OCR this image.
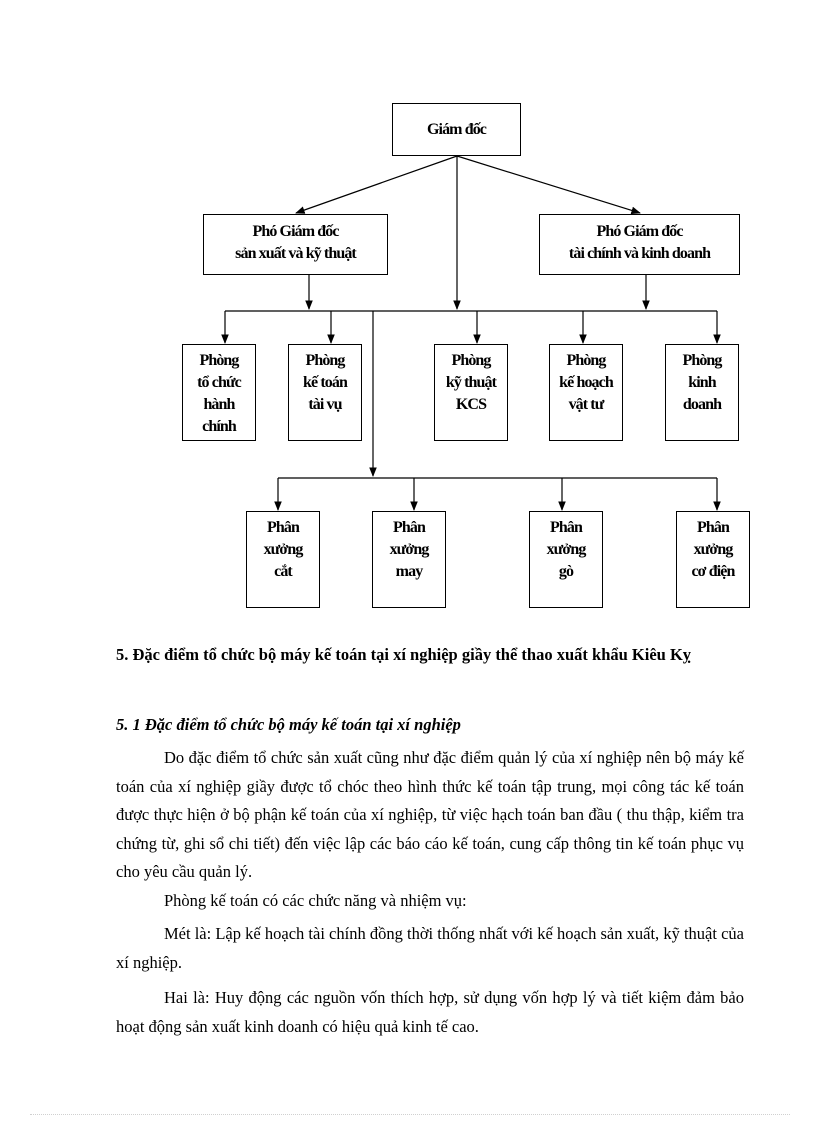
Giám đốc
Phó Giám đốc
sản xuất và kỹ thuật
Phó Giám đốc
tài chính và kinh doanh
Phòng
tổ chức
hành
chính
Phòng
kế toán
tài vụ
Phòng
kỹ thuật
KCS
Phòng
kế hoạch
vật tư
Phòng
kinh
doanh
Phân
xưởng
cắt
Phân
xưởng
may
Phân
xưởng
gò
Phân
xưởng
cơ điện
5. Đặc điểm tổ chức bộ máy kế toán tại xí nghiệp giầy thể thao xuất khẩu Kiêu Kỵ
5. 1 Đặc điểm tổ chức bộ máy kế toán tại xí nghiệp

Do đặc điểm tổ chức sản xuất cũng như đặc điểm quản lý của xí nghiệp nên bộ máy kế toán của xí nghiệp giầy được tổ chóc theo hình thức kế toán tập trung, mọi công tác kế toán được thực hiện ở bộ phận kế toán của xí nghiệp, từ việc hạch toán ban đầu ( thu thập, kiểm tra chứng từ, ghi sổ chi tiết) đến việc lập các báo cáo kế toán, cung cấp thông tin kế toán phục vụ cho yêu cầu quản lý.

Phòng kế toán có các chức năng và nhiệm vụ:

Mét là: Lập kế hoạch tài chính đồng thời thống nhất với kế hoạch sản xuất, kỹ thuật của xí nghiệp.

Hai là: Huy động các nguồn vốn thích hợp, sử dụng vốn hợp lý và tiết kiệm đảm bảo hoạt động sản xuất kinh doanh có hiệu quả kinh tế cao.
